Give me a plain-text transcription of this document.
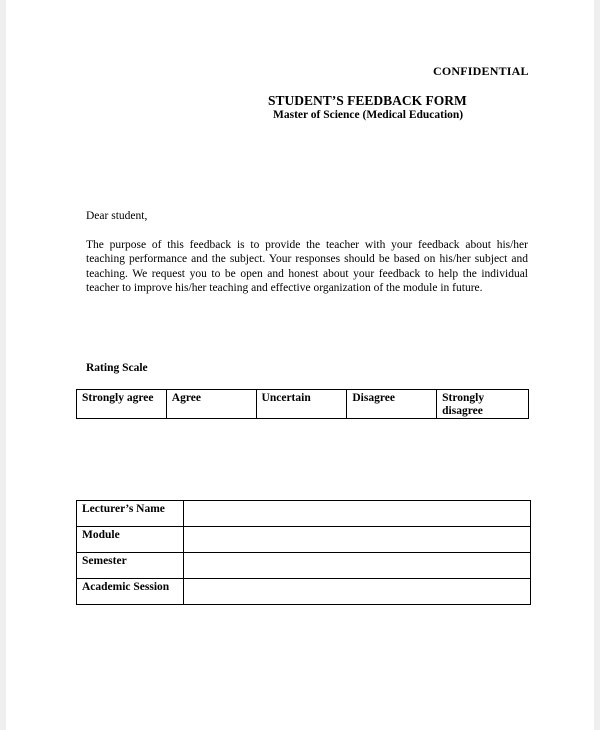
CONFIDENTIAL
STUDENT’S FEEDBACK FORM
Master of Science (Medical Education)
Dear student,
The purpose of this feedback is to provide the teacher with your feedback about his/her teaching performance and the subject. Your responses should be based on his/her subject and teaching. We request you to be open and honest about your feedback to help the individual teacher to improve his/her teaching and effective organization of the module in future.
Rating Scale
Strongly agree	Agree	Uncertain	Disagree	Strongly disagree
Lecturer’s Name	
Module	
Semester	
Academic Session	
